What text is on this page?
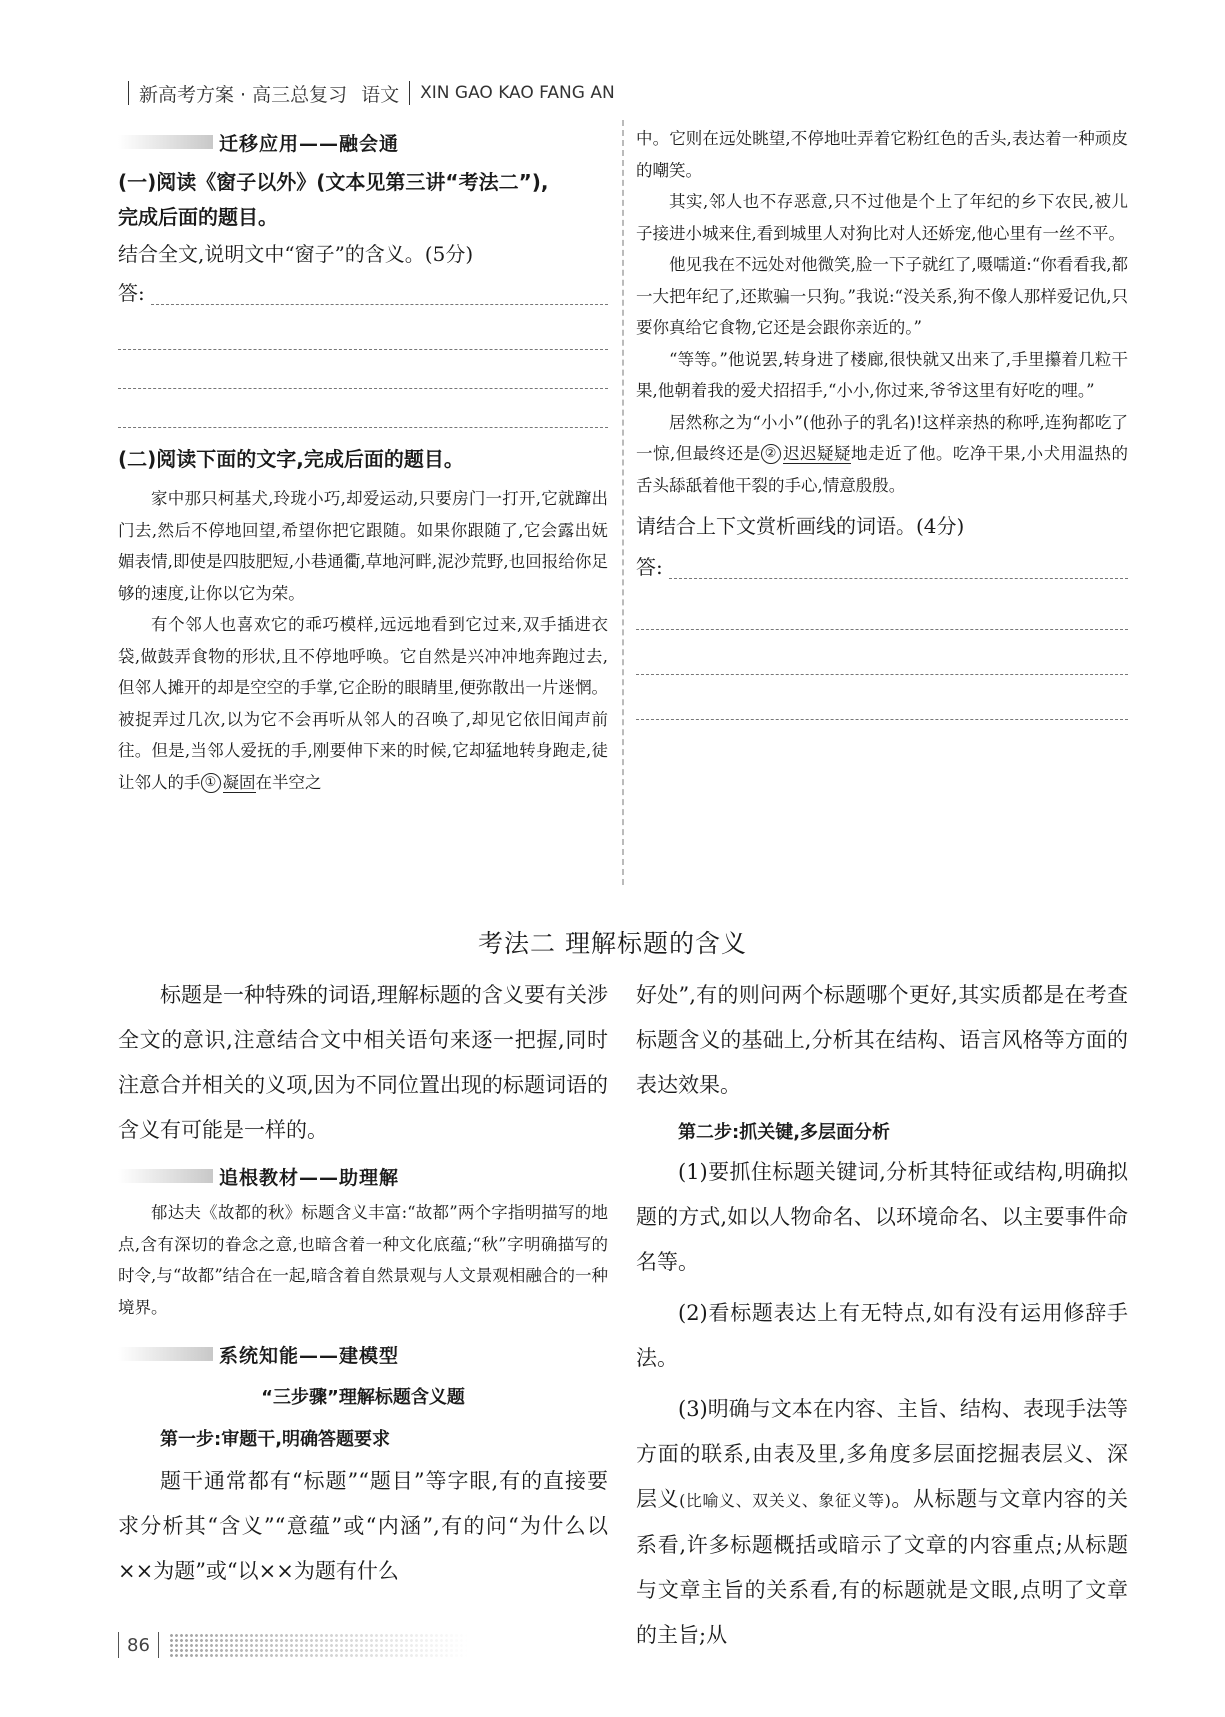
新高考方案 · 高三总复习 语文 XIN GAO KAO FANG AN
迁移应用——融会通
(一)阅读《窗子以外》(文本见第三讲“考法二”),
完成后面的题目。
结合全文,说明文中“窗子”的含义。(5分)
答:
(二)阅读下面的文字,完成后面的题目。

家中那只柯基犬,玲珑小巧,却爱运动,只要房门一打开,它就蹿出门去,然后不停地回望,希望你把它跟随。如果你跟随了,它会露出妩媚表情,即使是四肢肥短,小巷通衢,草地河畔,泥沙荒野,也回报给你足够的速度,让你以它为荣。

有个邻人也喜欢它的乖巧模样,远远地看到它过来,双手插进衣袋,做鼓弄食物的形状,且不停地呼唤。它自然是兴冲冲地奔跑过去,但邻人摊开的却是空空的手掌,它企盼的眼睛里,便弥散出一片迷惘。被捉弄过几次,以为它不会再听从邻人的召唤了,却见它依旧闻声前往。但是,当邻人爱抚的手,刚要伸下来的时候,它却猛地转身跑走,徒让邻人的手 ① 凝固在半空之

中。它则在远处眺望,不停地吐弄着它粉红色的舌头,表达着一种顽皮的嘲笑。

其实,邻人也不存恶意,只不过他是个上了年纪的乡下农民,被儿子接进小城来住,看到城里人对狗比对人还娇宠,他心里有一丝不平。

他见我在不远处对他微笑,脸一下子就红了,嗫嚅道:“你看看我,都一大把年纪了,还欺骗一只狗。”我说:“没关系,狗不像人那样爱记仇,只要你真给它食物,它还是会跟你亲近的。”

“等等。”他说罢,转身进了楼廊,很快就又出来了,手里攥着几粒干果,他朝着我的爱犬招招手,“小小,你过来,爷爷这里有好吃的哩。”

居然称之为“小小”(他孙子的乳名)!这样亲热的称呼,连狗都吃了一惊,但最终还是 ② 迟迟疑疑地走近了他。吃净干果,小犬用温热的舌头舔舐着他干裂的手心,情意殷殷。

请结合上下文赏析画线的词语。(4分)
答:
考法二 理解标题的含义

标题是一种特殊的词语,理解标题的含义要有关涉全文的意识,注意结合文中相关语句来逐一把握,同时注意合并相关的义项,因为不同位置出现的标题词语的含义有可能是一样的。

追根教材——助理解

郁达夫《故都的秋》标题含义丰富:“故都”两个字指明描写的地点,含有深切的眷念之意,也暗含着一种文化底蕴;“秋”字明确描写的时令,与“故都”结合在一起,暗含着自然景观与人文景观相融合的一种境界。

系统知能——建模型
“三步骤”理解标题含义题
第一步:审题干,明确答题要求

题干通常都有“标题”“题目”等字眼,有的直接要求分析其“含义”“意蕴”或“内涵”,有的问“为什么以××为题”或“以××为题有什么

好处”,有的则问两个标题哪个更好,其实质都是在考查标题含义的基础上,分析其在结构、语言风格等方面的表达效果。

第二步:抓关键,多层面分析

(1)要抓住标题关键词,分析其特征或结构,明确拟题的方式,如以人物命名、以环境命名、以主要事件命名等。

(2)看标题表达上有无特点,如有没有运用修辞手法。

(3)明确与文本在内容、主旨、结构、表现手法等方面的联系,由表及里,多角度多层面挖掘表层义、深层义(比喻义、双关义、象征义等)。从标题与文章内容的关系看,许多标题概括或暗示了文章的内容重点;从标题与文章主旨的关系看,有的标题就是文眼,点明了文章的主旨;从

86
